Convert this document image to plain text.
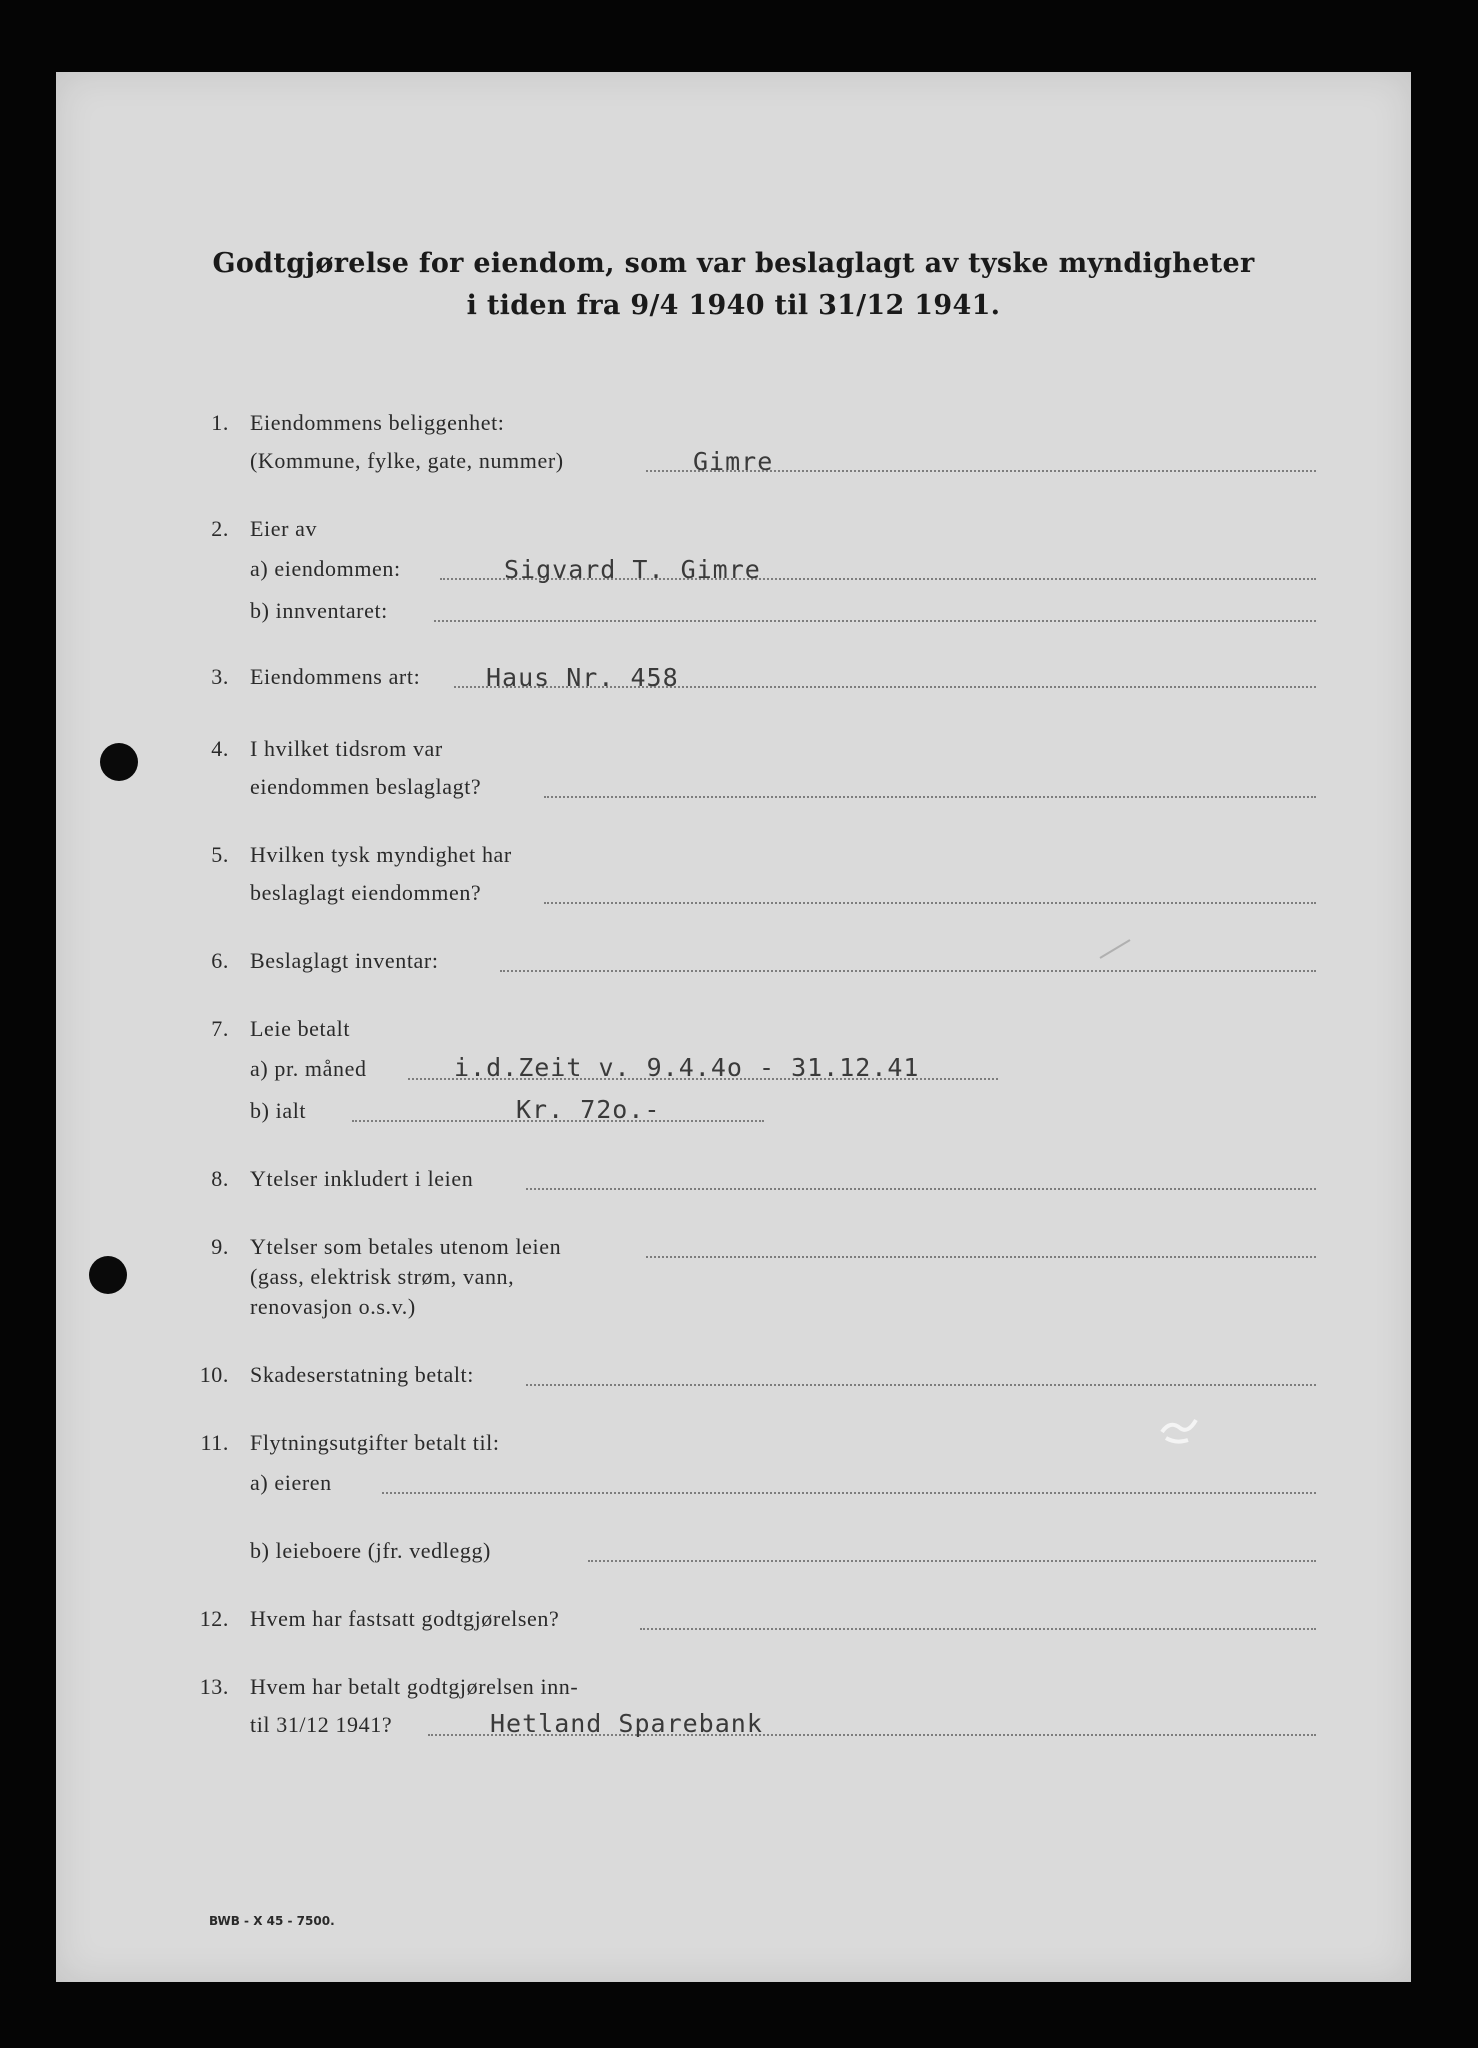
Godtgjørelse for eiendom, som var beslaglagt av tyske myndigheter
i tiden fra 9/4 1940 til 31/12 1941.
1. Eiendommens beliggenhet:
(Kommune, fylke, gate, nummer)	Gimre
2. Eier av
a) eiendommen:	Sigvard T. Gimre
b) innventaret:
3. Eiendommens art:	Haus Nr. 458
4. I hvilket tidsrom var
eiendommen beslaglagt?
5. Hvilken tysk myndighet har
beslaglagt eiendommen?
6. Beslaglagt inventar:
7. Leie betalt
a) pr. måned	i.d.Zeit v. 9.4.4o - 31.12.41
b) ialt	Kr. 72o.-
8. Ytelser inkludert i leien
9. Ytelser som betales utenom leien
(gass, elektrisk strøm, vann,
renovasjon o.s.v.)
10. Skadeserstatning betalt:
11. Flytningsutgifter betalt til:
a) eieren
b) leieboere (jfr. vedlegg)
12. Hvem har fastsatt godtgjørelsen?
13. Hvem har betalt godtgjørelsen inn-
til 31/12 1941?	Hetland Sparebank
BWB - X 45 - 7500.
